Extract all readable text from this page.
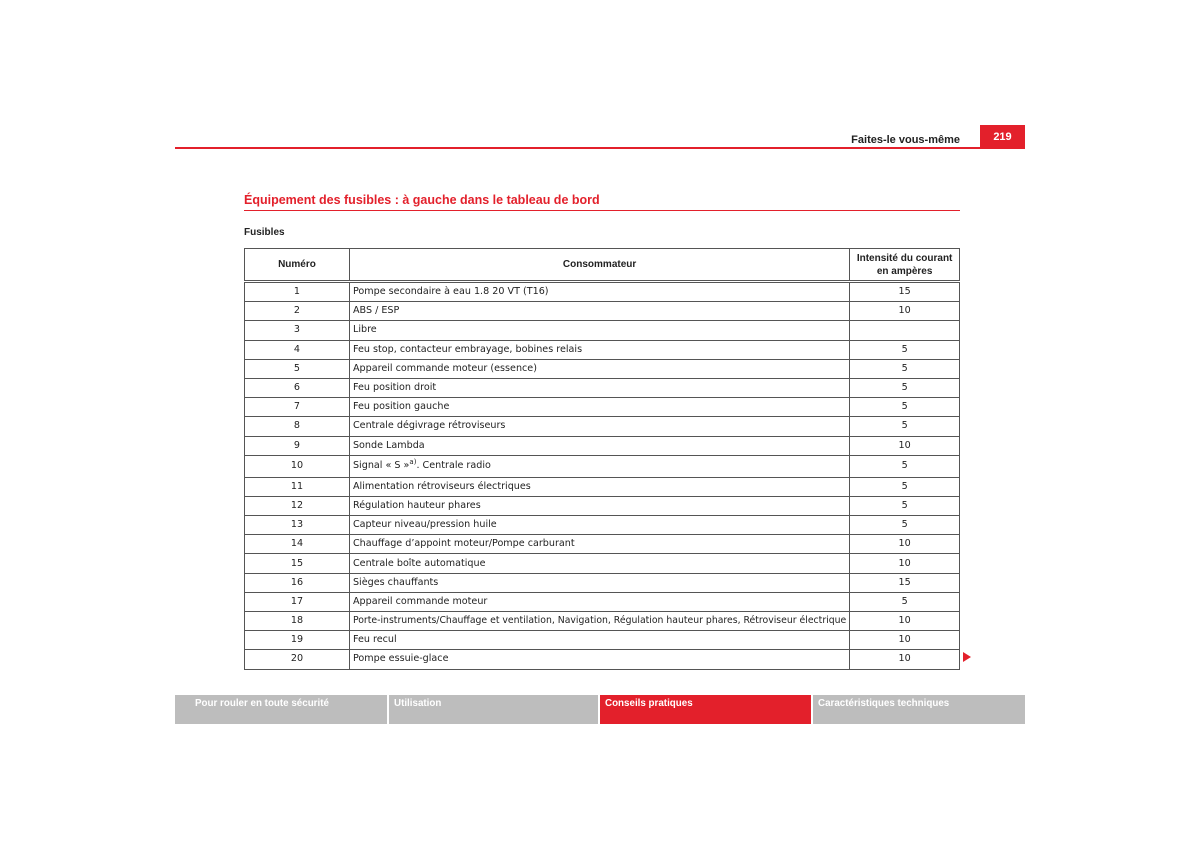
Faites-le vous-même	219
Équipement des fusibles : à gauche dans le tableau de bord
Fusibles
Numéro	Consommateur	Intensité du courant en ampères
1	Pompe secondaire à eau 1.8 20 VT (T16)	15
2	ABS / ESP	10
3	Libre	
4	Feu stop, contacteur embrayage, bobines relais	5
5	Appareil commande moteur (essence)	5
6	Feu position droit	5
7	Feu position gauche	5
8	Centrale dégivrage rétroviseurs	5
9	Sonde Lambda	10
10	Signal « S »$^{a)}$. Centrale radio	5
11	Alimentation rétroviseurs électriques	5
12	Régulation hauteur phares	5
13	Capteur niveau/pression huile	5
14	Chauffage d’appoint moteur/Pompe carburant	10
15	Centrale boîte automatique	10
16	Sièges chauffants	15
17	Appareil commande moteur	5
18	Porte-instruments/Chauffage et ventilation, Navigation, Régulation hauteur phares, Rétroviseur électrique	10
19	Feu recul	10
20	Pompe essuie-glace	10
Pour rouler en toute sécurité	Utilisation	Conseils pratiques	Caractéristiques techniques
